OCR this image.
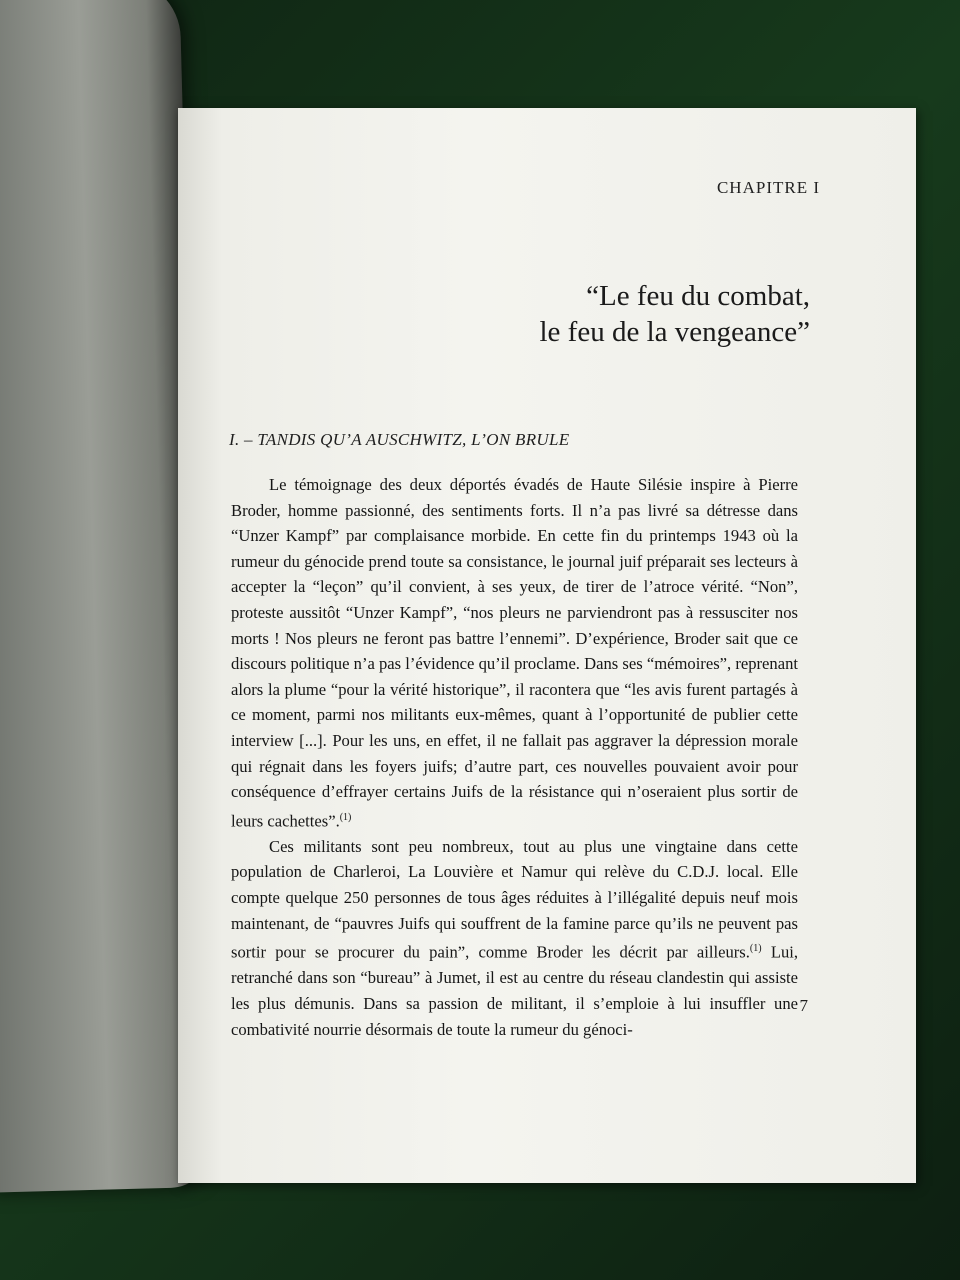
CHAPITRE I
“Le feu du combat,
le feu de la vengeance”
I. – TANDIS QU’A AUSCHWITZ, L’ON BRULE

Le témoignage des deux déportés évadés de Haute Silésie inspire à Pierre Broder, homme passionné, des sentiments forts. Il n’a pas livré sa détresse dans “Unzer Kampf” par complaisance morbide. En cette fin du printemps 1943 où la rumeur du génocide prend toute sa consistance, le journal juif préparait ses lecteurs à accepter la “leçon” qu’il convient, à ses yeux, de tirer de l’atroce vérité. “Non”, proteste aussitôt “Unzer Kampf”, “nos pleurs ne parviendront pas à ressusciter nos morts ! Nos pleurs ne feront pas battre l’ennemi”. D’expérience, Broder sait que ce discours politique n’a pas l’évidence qu’il proclame. Dans ses “mémoires”, reprenant alors la plume “pour la vérité historique”, il racontera que “les avis furent partagés à ce moment, parmi nos militants eux-mêmes, quant à l’opportunité de publier cette interview [...]. Pour les uns, en effet, il ne fallait pas aggraver la dépression morale qui régnait dans les foyers juifs; d’autre part, ces nouvelles pouvaient avoir pour conséquence d’effrayer certains Juifs de la résistance qui n’oseraient plus sortir de leurs cachettes”.$^{(1)}$

Ces militants sont peu nombreux, tout au plus une vingtaine dans cette population de Charleroi, La Louvière et Namur qui relève du C.D.J. local. Elle compte quelque 250 personnes de tous âges réduites à l’illégalité depuis neuf mois maintenant, de “pauvres Juifs qui souffrent de la famine parce qu’ils ne peuvent pas sortir pour se procurer du pain”, comme Broder les décrit par ailleurs.$^{(1)}$ Lui, retranché dans son “bureau” à Jumet, il est au centre du réseau clandestin qui assiste les plus démunis. Dans sa passion de militant, il s’emploie à lui insuffler une combativité nourrie désormais de toute la rumeur du génoci-

7
